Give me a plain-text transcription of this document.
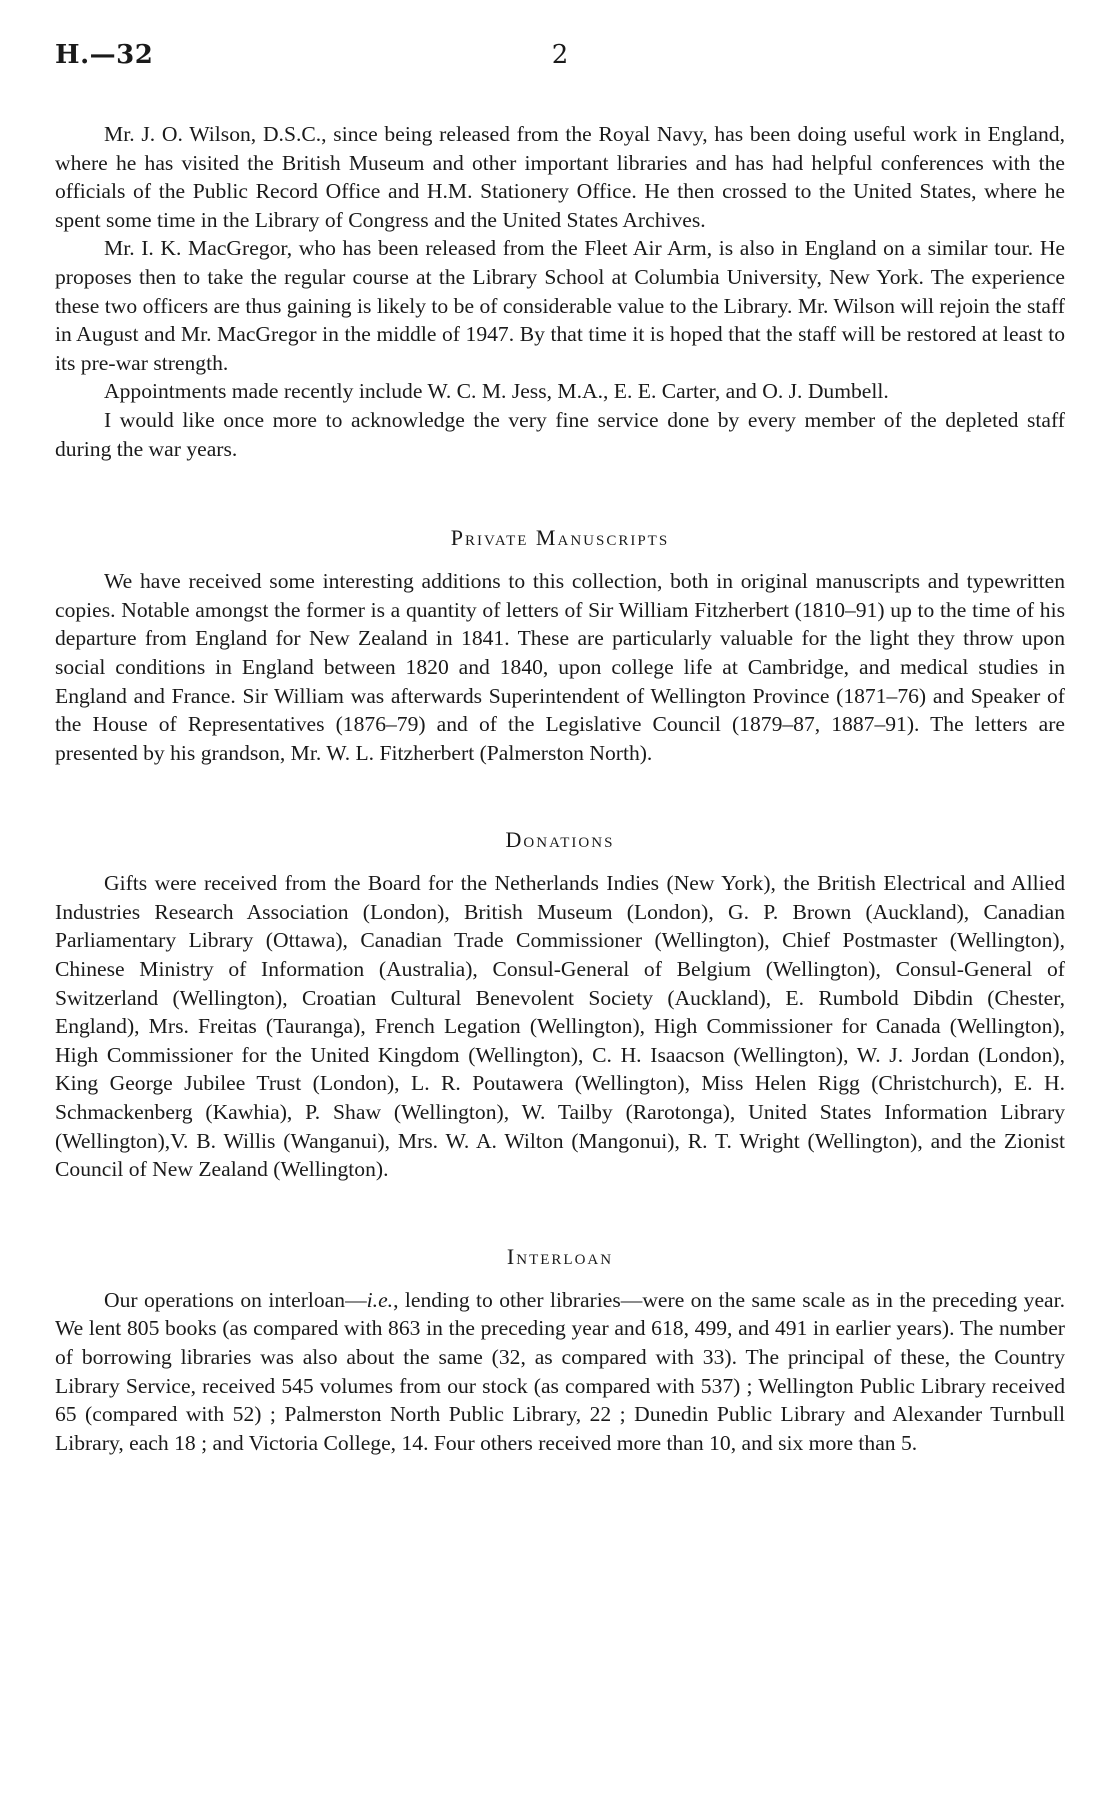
H.—32	2

Mr. J. O. Wilson, D.S.C., since being released from the Royal Navy, has been doing useful work in England, where he has visited the British Museum and other important libraries and has had helpful conferences with the officials of the Public Record Office and H.M. Stationery Office. He then crossed to the United States, where he spent some time in the Library of Congress and the United States Archives.

Mr. I. K. MacGregor, who has been released from the Fleet Air Arm, is also in England on a similar tour. He proposes then to take the regular course at the Library School at Columbia University, New York. The experience these two officers are thus gaining is likely to be of considerable value to the Library. Mr. Wilson will rejoin the staff in August and Mr. MacGregor in the middle of 1947. By that time it is hoped that the staff will be restored at least to its pre-war strength.

Appointments made recently include W. C. M. Jess, M.A., E. E. Carter, and O. J. Dumbell.

I would like once more to acknowledge the very fine service done by every member of the depleted staff during the war years.

Private Manuscripts

We have received some interesting additions to this collection, both in original manuscripts and typewritten copies. Notable amongst the former is a quantity of letters of Sir William Fitzherbert (1810–91) up to the time of his departure from England for New Zealand in 1841. These are particularly valuable for the light they throw upon social conditions in England between 1820 and 1840, upon college life at Cambridge, and medical studies in England and France. Sir William was afterwards Superintendent of Wellington Province (1871–76) and Speaker of the House of Representatives (1876–79) and of the Legislative Council (1879–87, 1887–91). The letters are presented by his grandson, Mr. W. L. Fitzherbert (Palmerston North).

Donations

Gifts were received from the Board for the Netherlands Indies (New York), the British Electrical and Allied Industries Research Association (London), British Museum (London), G. P. Brown (Auckland), Canadian Parliamentary Library (Ottawa), Canadian Trade Commissioner (Wellington), Chief Postmaster (Wellington), Chinese Ministry of Information (Australia), Consul-General of Belgium (Wellington), Consul-General of Switzerland (Wellington), Croatian Cultural Benevolent Society (Auckland), E. Rumbold Dibdin (Chester, England), Mrs. Freitas (Tauranga), French Legation (Wellington), High Commissioner for Canada (Wellington), High Commissioner for the United Kingdom (Wellington), C. H. Isaacson (Wellington), W. J. Jordan (London), King George Jubilee Trust (London), L. R. Poutawera (Wellington), Miss Helen Rigg (Christchurch), E. H. Schmackenberg (Kawhia), P. Shaw (Wellington), W. Tailby (Rarotonga), United States Information Library (Wellington),V. B. Willis (Wanganui), Mrs. W. A. Wilton (Mangonui), R. T. Wright (Wellington), and the Zionist Council of New Zealand (Wellington).

Interloan

Our operations on interloan—i.e., lending to other libraries—were on the same scale as in the preceding year. We lent 805 books (as compared with 863 in the preceding year and 618, 499, and 491 in earlier years). The number of borrowing libraries was also about the same (32, as compared with 33). The principal of these, the Country Library Service, received 545 volumes from our stock (as compared with 537) ; Wellington Public Library received 65 (compared with 52) ; Palmerston North Public Library, 22 ; Dunedin Public Library and Alexander Turnbull Library, each 18 ; and Victoria College, 14. Four others received more than 10, and six more than 5.
